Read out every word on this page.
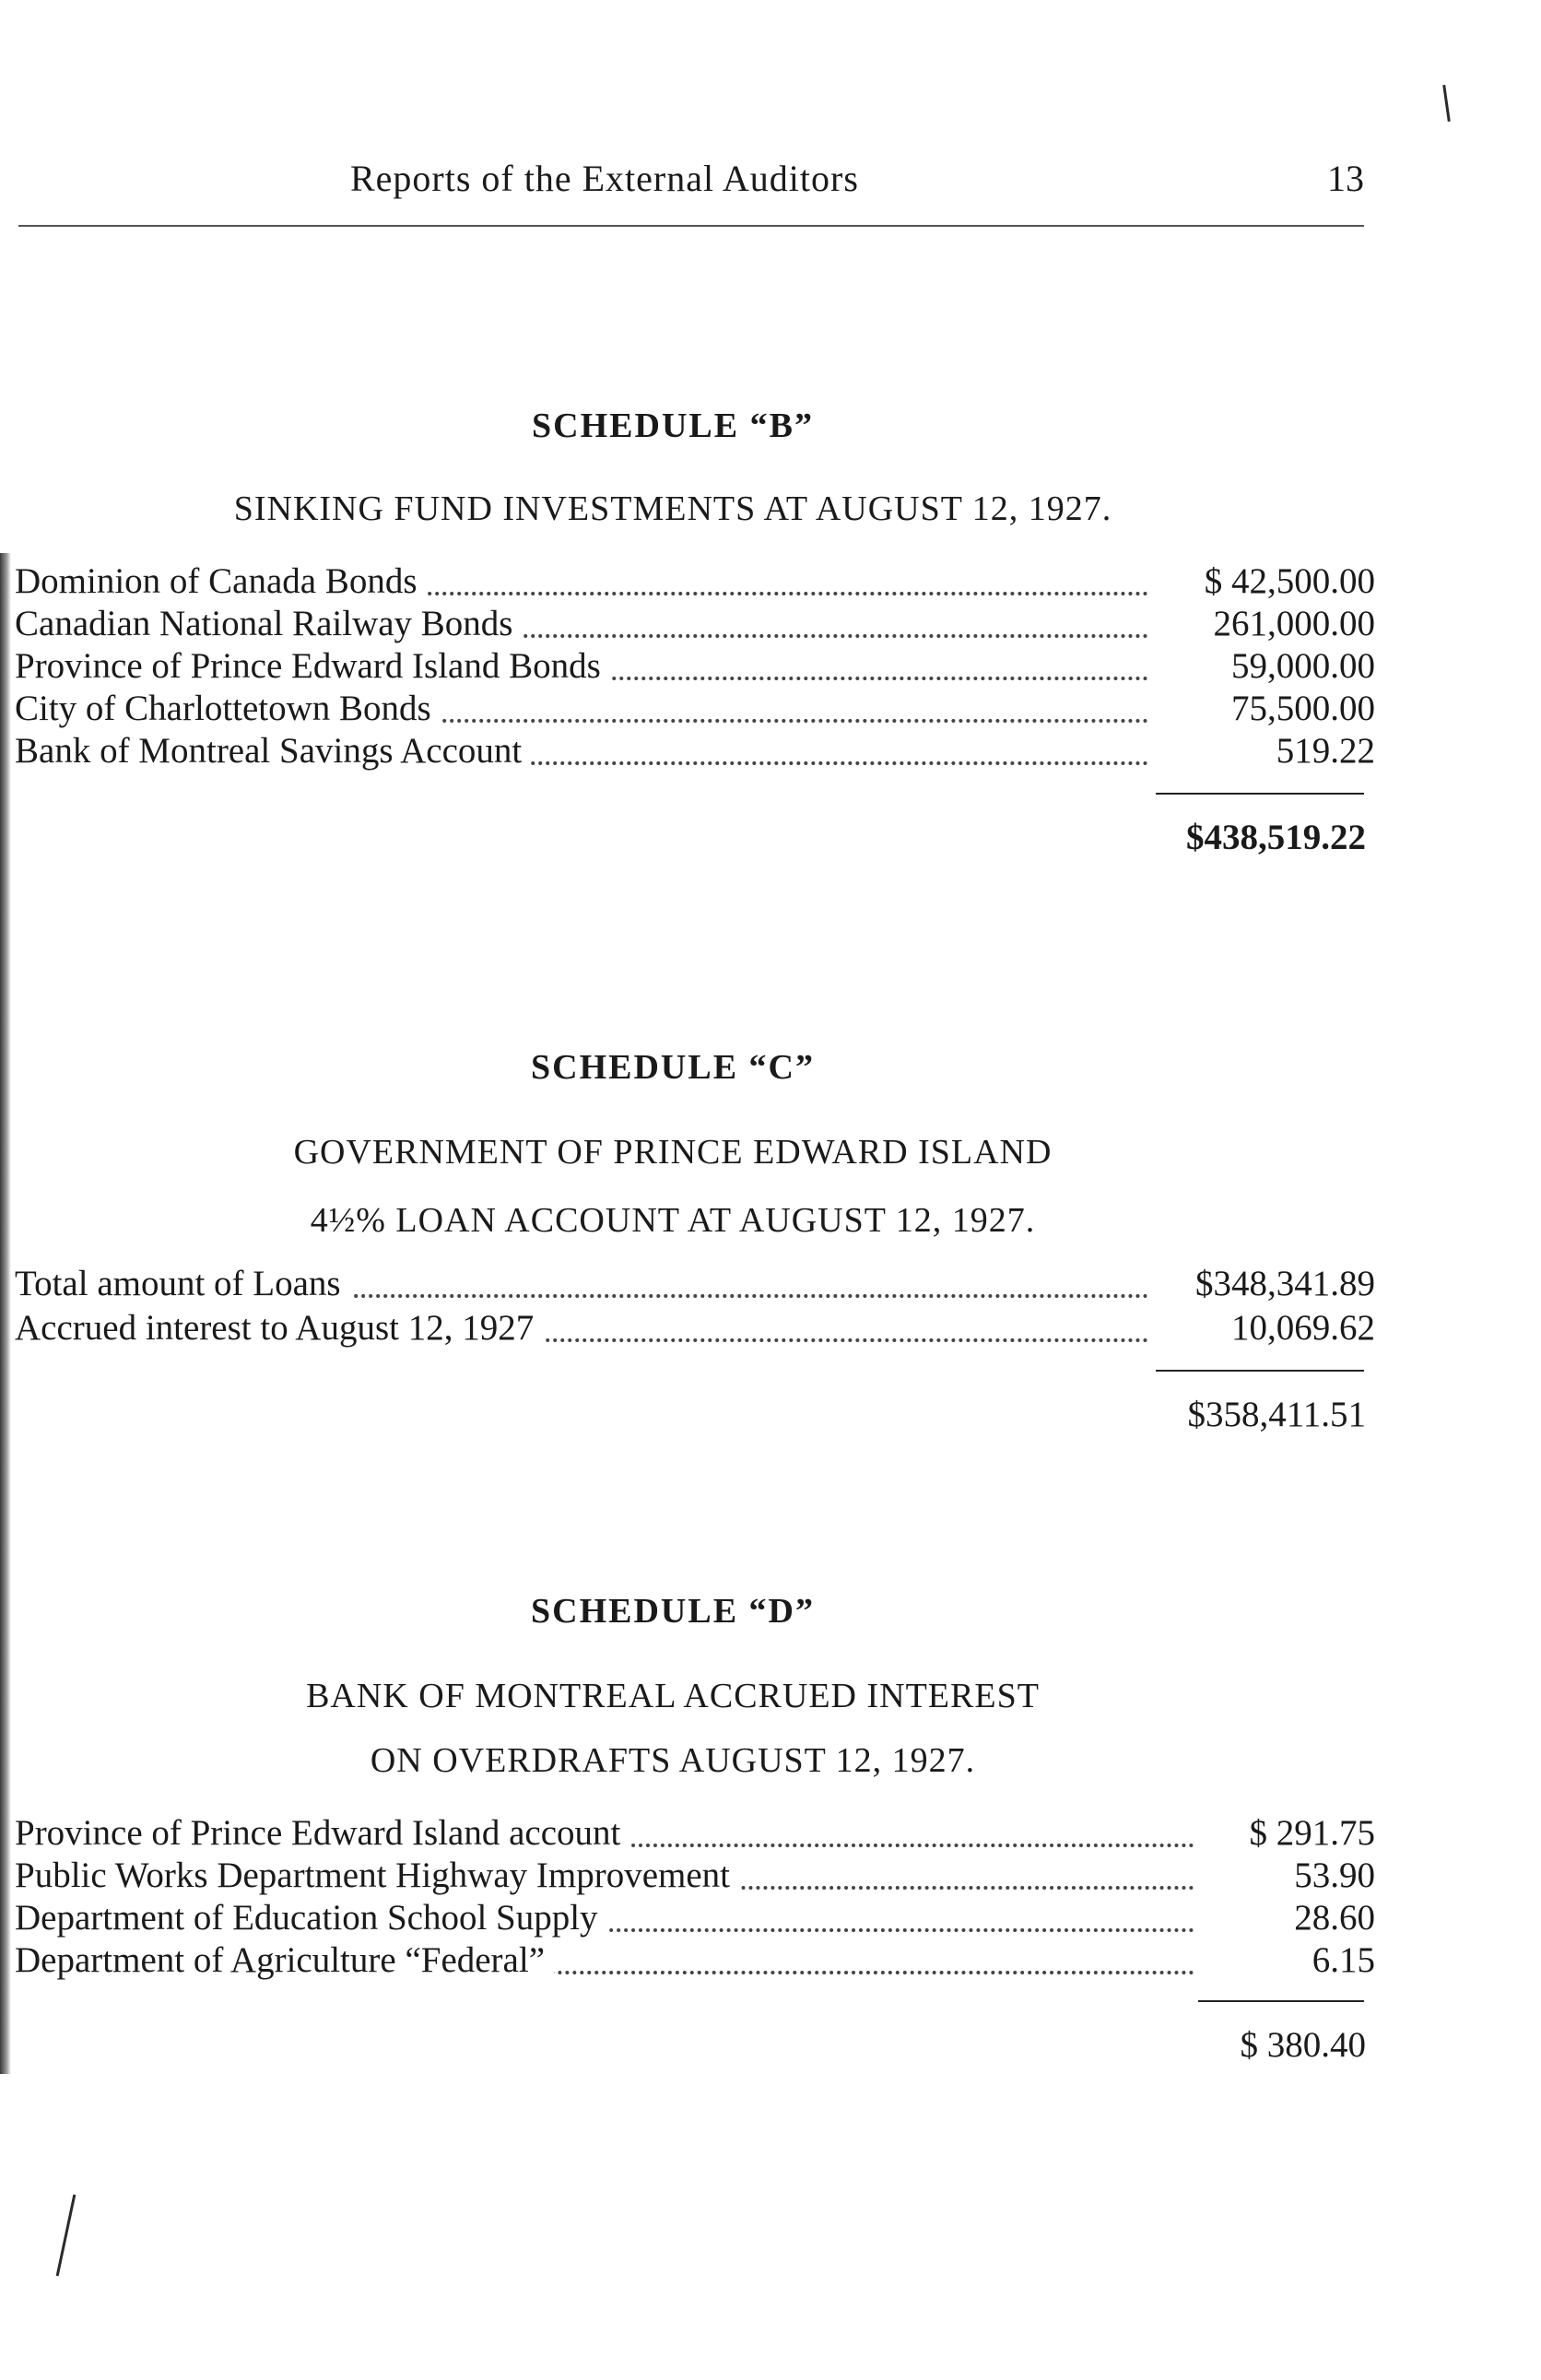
Reports of the External Auditors	13
SCHEDULE “B”
SINKING FUND INVESTMENTS AT AUGUST 12, 1927.
Dominion of Canada Bonds	$ 42,500.00
Canadian National Railway Bonds	261,000.00
Province of Prince Edward Island Bonds	59,000.00
City of Charlottetown Bonds	75,500.00
Bank of Montreal Savings Account	519.22
$438,519.22
SCHEDULE “C”
GOVERNMENT OF PRINCE EDWARD ISLAND
4½% LOAN ACCOUNT AT AUGUST 12, 1927.
Total amount of Loans	$348,341.89
Accrued interest to August 12, 1927	10,069.62
$358,411.51
SCHEDULE “D”
BANK OF MONTREAL ACCRUED INTEREST
ON OVERDRAFTS AUGUST 12, 1927.
Province of Prince Edward Island account	$ 291.75
Public Works Department Highway Improvement	53.90
Department of Education School Supply	28.60
Department of Agriculture “Federal”	6.15
$ 380.40
